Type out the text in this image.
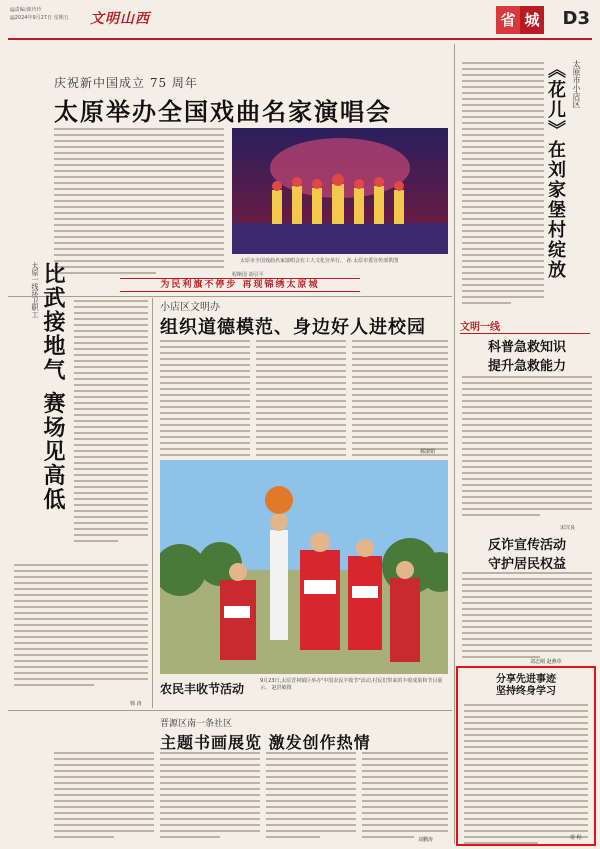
▤责编:韩玲玲
▤2024年9月27日 星期五 文明山西	省 城 D3
庆祝新中国成立 75 周年
太原举办全国戏曲名家演唱会
太原市全国戏曲名家演唱会在工人文化宫举行。 孙 太原市委宣传部供图
程斯国 胡引平
为民利旗不停步 再现锦绣太原城
《花儿》在刘家堡村绽放 太原市小店区
文明一线
科普急救知识
提升急救能力
宋汉良
反诈宣传活动
守护居民权益
刘志刚 赵燕草
分享先进事迹
坚持终身学习
常 程
比武接地气 赛场见高低
太原一线环卫职工
韩 涛
小店区文明办
组织道德模范、身边好人进校园
郝淑娟
农民丰收节活动
9月23日,太原晋祠镇区举办"中国农民丰收节"活动,村民们带来的丰收成果和节目展示。 赵洪敏摄
晋源区南一条社区
主题书画展览 激发创作热情
刘鹏涛
